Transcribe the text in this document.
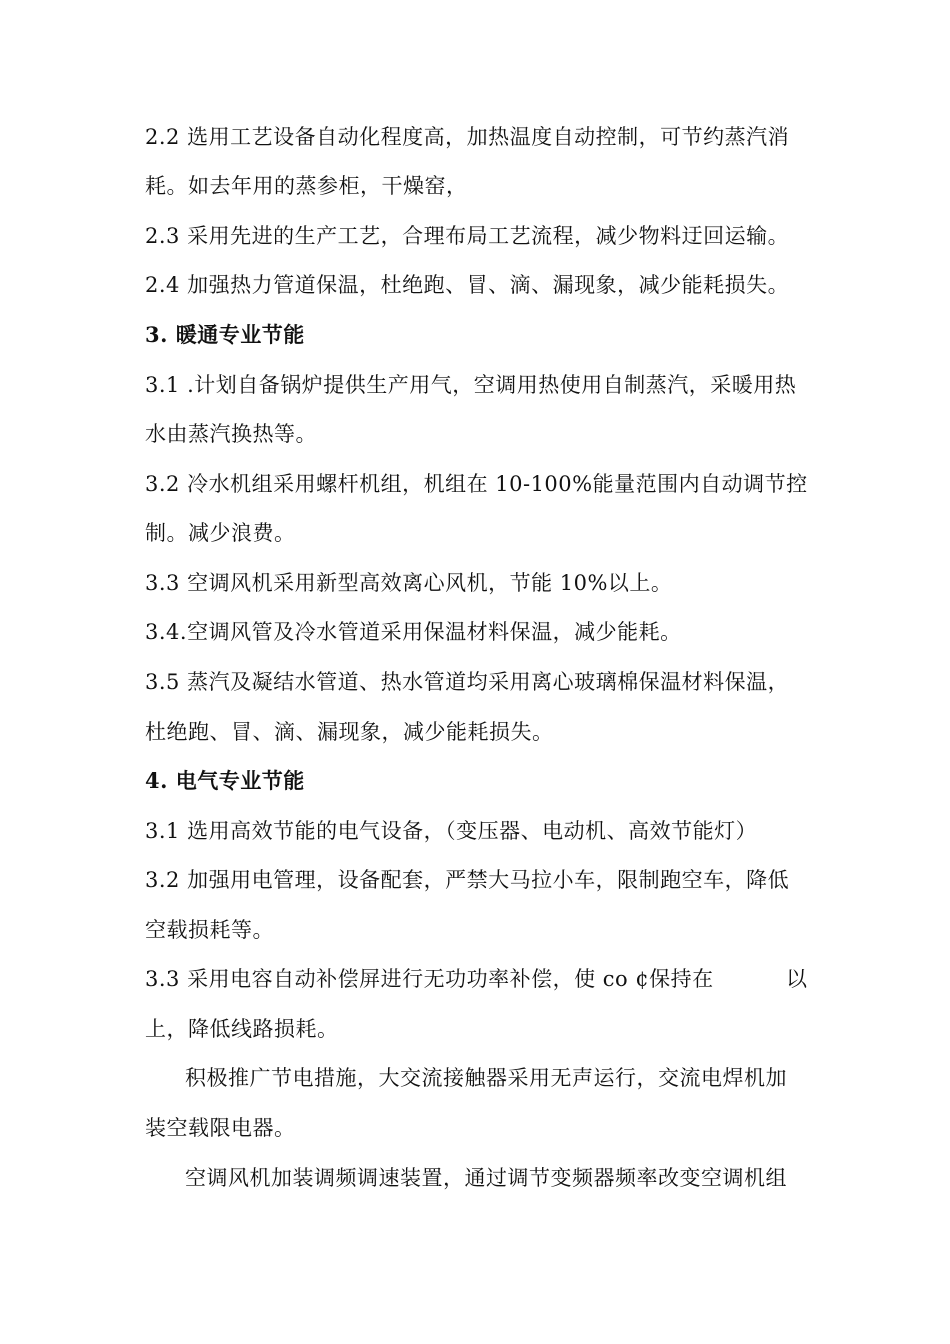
2.2 选用工艺设备自动化程度高，加热温度自动控制，可节约蒸汽消
耗。如去年用的蒸参柜，干燥窑，
2.3 采用先进的生产工艺，合理布局工艺流程，减少物料迂回运输。
2.4 加强热力管道保温，杜绝跑、冒、滴、漏现象，减少能耗损失。
3. 暖通专业节能
3.1 .计划自备锅炉提供生产用气，空调用热使用自制蒸汽，采暖用热
水由蒸汽换热等。
3.2 冷水机组采用螺杆机组，机组在 10-100%能量范围内自动调节控
制。减少浪费。
3.3 空调风机采用新型高效离心风机，节能 10%以上。
3.4.空调风管及冷水管道采用保温材料保温，减少能耗。
3.5 蒸汽及凝结水管道、热水管道均采用离心玻璃棉保温材料保温，
杜绝跑、冒、滴、漏现象，减少能耗损失。
4. 电气专业节能
3.1 选用高效节能的电气设备，（变压器、电动机、高效节能灯）
3.2 加强用电管理，设备配套，严禁大马拉小车，限制跑空车，降低
空载损耗等。
3.3 采用电容自动补偿屏进行无功功率补偿，使 co ¢保持在	以
上，降低线路损耗。
积极推广节电措施，大交流接触器采用无声运行，交流电焊机加
装空载限电器。
空调风机加装调频调速装置，通过调节变频器频率改变空调机组
